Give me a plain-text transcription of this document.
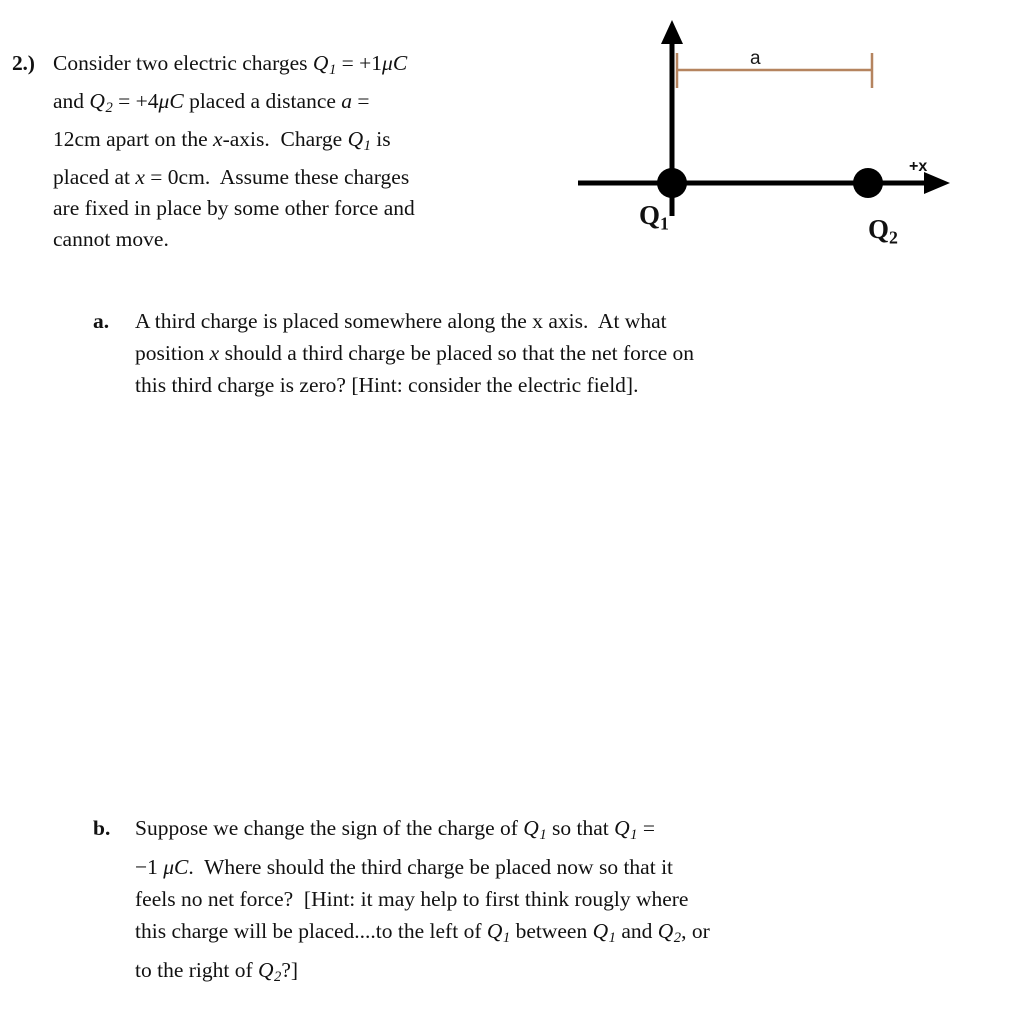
2.) Consider two electric charges $Q_1 = +1\mu C$

and $Q_2 = +4\mu C$ placed a distance a =

12cm apart on the x-axis.  Charge $Q_1$ is

placed at x = 0cm.  Assume these charges

are fixed in place by some other force and

cannot move.

a
+x
Q1	Q2
a.	A third charge is placed somewhere along the x axis.  At what

position x should a third charge be placed so that the net force on

this third charge is zero? [Hint: consider the electric field].

b.	Suppose we change the sign of the charge of $Q_1$ so that $Q_1$ =

−1 μC.  Where should the third charge be placed now so that it

feels no net force?  [Hint: it may help to first think rougly where

this charge will be placed....to the left of $Q_1$ between $Q_1$ and $Q_2$, or

to the right of $Q_2$?]
